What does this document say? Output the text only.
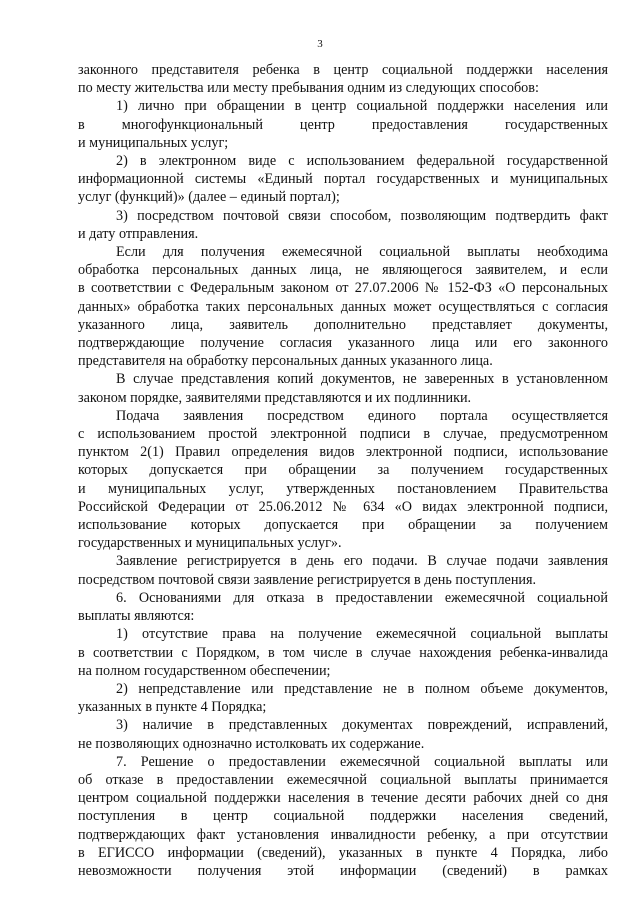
3
законного представителя ребенка в центр социальной поддержки населения
по месту жительства или месту пребывания одним из следующих способов:
1) лично при обращении в центр социальной поддержки населения или
в многофункциональный центр предоставления государственных
и муниципальных услуг;
2) в электронном виде с использованием федеральной государственной
информационной системы «Единый портал государственных и муниципальных
услуг (функций)» (далее – единый портал);
3) посредством почтовой связи способом, позволяющим подтвердить факт
и дату отправления.
Если для получения ежемесячной социальной выплаты необходима
обработка персональных данных лица, не являющегося заявителем, и если
в соответствии с Федеральным законом от 27.07.2006 № 152-ФЗ «О персональных
данных» обработка таких персональных данных может осуществляться с согласия
указанного лица, заявитель дополнительно представляет документы,
подтверждающие получение согласия указанного лица или его законного
представителя на обработку персональных данных указанного лица.
В случае представления копий документов, не заверенных в установленном
законом порядке, заявителями представляются и их подлинники.
Подача заявления посредством единого портала осуществляется
с использованием простой электронной подписи в случае, предусмотренном
пунктом 2(1) Правил определения видов электронной подписи, использование
которых допускается при обращении за получением государственных
и муниципальных услуг, утвержденных постановлением Правительства
Российской Федерации от 25.06.2012 № 634 «О видах электронной подписи,
использование которых допускается при обращении за получением
государственных и муниципальных услуг».
Заявление регистрируется в день его подачи. В случае подачи заявления
посредством почтовой связи заявление регистрируется в день поступления.
6. Основаниями для отказа в предоставлении ежемесячной социальной
выплаты являются:
1) отсутствие права на получение ежемесячной социальной выплаты
в соответствии с Порядком, в том числе в случае нахождения ребенка-инвалида
на полном государственном обеспечении;
2) непредставление или представление не в полном объеме документов,
указанных в пункте 4 Порядка;
3) наличие в представленных документах повреждений, исправлений,
не позволяющих однозначно истолковать их содержание.
7. Решение о предоставлении ежемесячной социальной выплаты или
об отказе в предоставлении ежемесячной социальной выплаты принимается
центром социальной поддержки населения в течение десяти рабочих дней со дня
поступления в центр социальной поддержки населения сведений,
подтверждающих факт установления инвалидности ребенку, а при отсутствии
в ЕГИССО информации (сведений), указанных в пункте 4 Порядка, либо
невозможности получения этой информации (сведений) в рамках
